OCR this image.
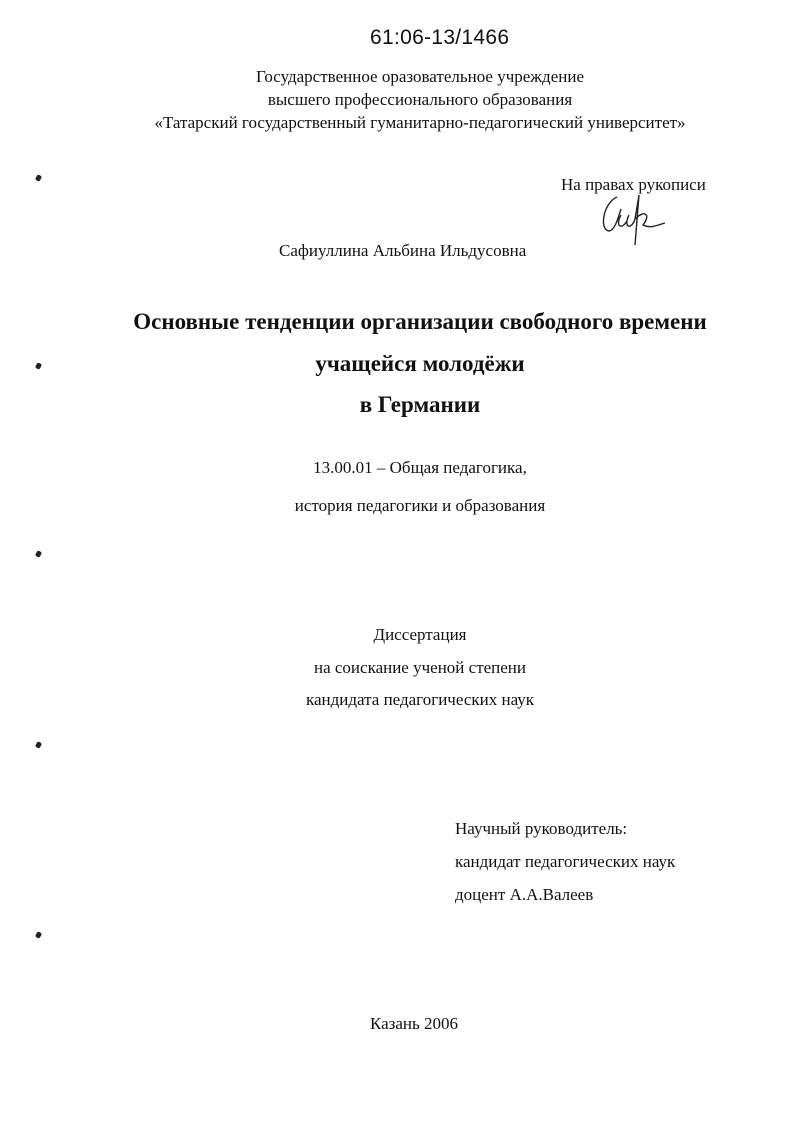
61:06-13/1466
Государственное оразовательное учреждение
высшего профессионального образования
«Татарский государственный гуманитарно-педагогический университет»
На правах рукописи
Сафиуллина Альбина Ильдусовна
Основные тенденции организации свободного времени
учащейся молодёжи
в Германии
13.00.01 – Общая педагогика,
история педагогики и образования
Диссертация
на соискание ученой степени
кандидата педагогических наук
Научный руководитель:
кандидат педагогических наук
доцент А.А.Валеев
Казань 2006
